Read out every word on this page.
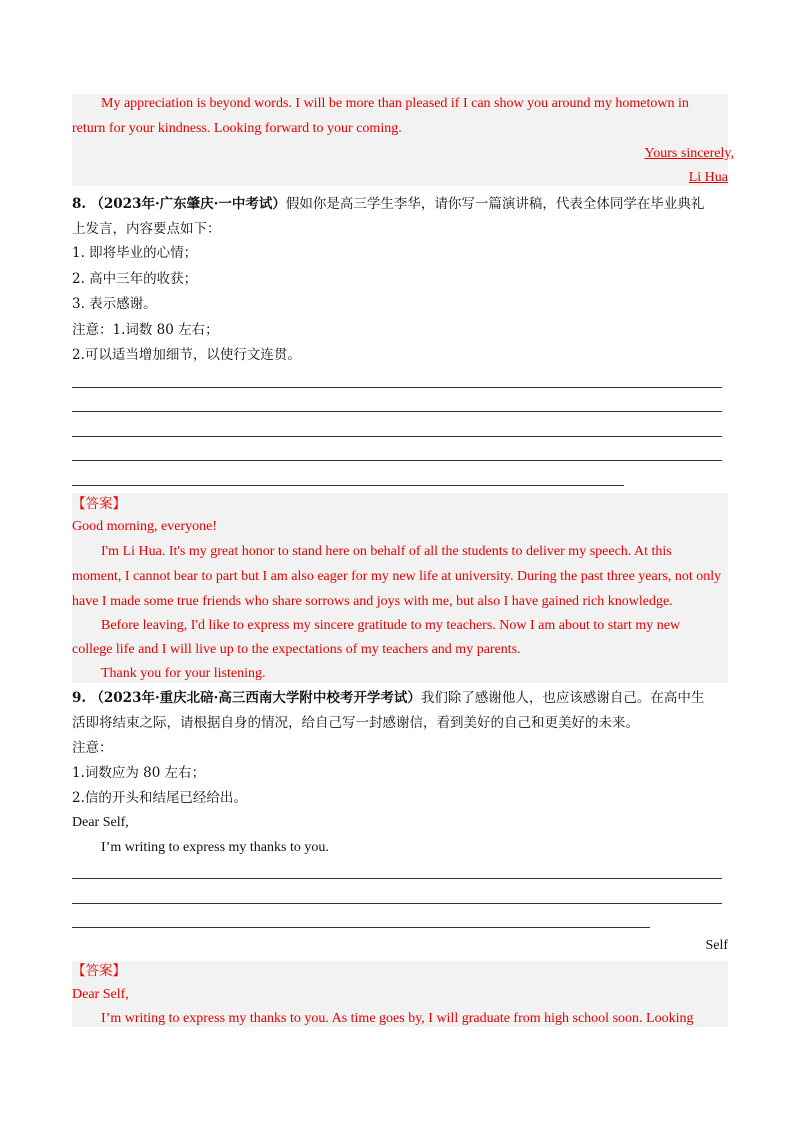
My appreciation is beyond words. I will be more than pleased if I can show you around my hometown in
return for your kindness. Looking forward to your coming.
Yours sincerely,
Li Hua
8. （2023年·广东肇庆·一中考试）假如你是高三学生李华，请你写一篇演讲稿，代表全体同学在毕业典礼
上发言，内容要点如下：
1. 即将毕业的心情；
2. 高中三年的收获；
3. 表示感谢。
注意：1.词数 80 左右；
2.可以适当增加细节，以使行文连贯。
【答案】
Good morning, everyone!
I'm Li Hua. It's my great honor to stand here on behalf of all the students to deliver my speech. At this
moment, I cannot bear to part but I am also eager for my new life at university. During the past three years, not only
have I made some true friends who share sorrows and joys with me, but also I have gained rich knowledge.
Before leaving, I'd like to express my sincere gratitude to my teachers. Now I am about to start my new
college life and I will live up to the expectations of my teachers and my parents.
Thank you for your listening.
9. （2023年·重庆北碚·高三西南大学附中校考开学考试）我们除了感谢他人，也应该感谢自己。在高中生
活即将结束之际，请根据自身的情况，给自己写一封感谢信，看到美好的自己和更美好的未来。
注意：
1.词数应为 80 左右；
2.信的开头和结尾已经给出。
Dear Self,
I’m writing to express my thanks to you.
Self
【答案】
Dear Self,
I’m writing to express my thanks to you. As time goes by, I will graduate from high school soon. Looking
